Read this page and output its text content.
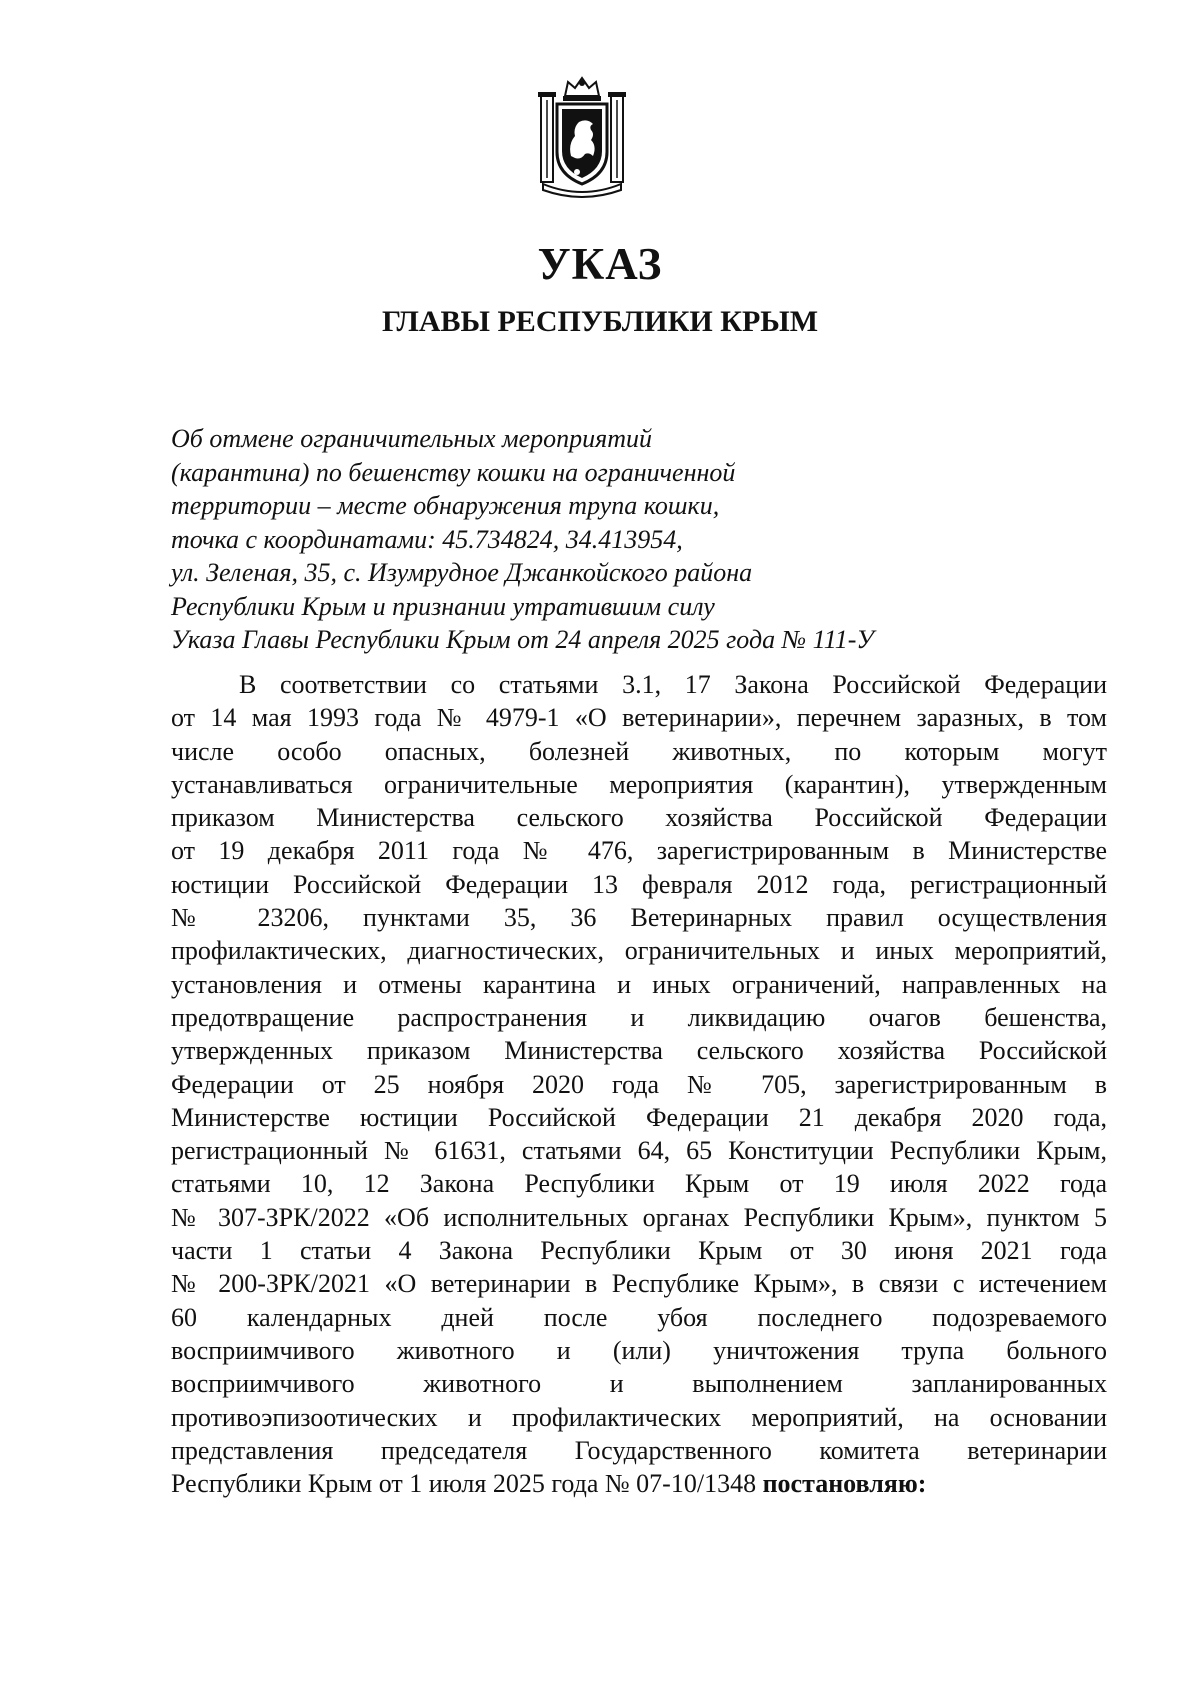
УКАЗ
ГЛАВЫ РЕСПУБЛИКИ КРЫМ
Об отмене ограничительных мероприятий
(карантина) по бешенству кошки на ограниченной
территории – месте обнаружения трупа кошки,
точка с координатами: 45.734824, 34.413954,
ул. Зеленая, 35, с. Изумрудное Джанкойского района
Республики Крым и признании утратившим силу
Указа Главы Республики Крым от 24 апреля 2025 года № 111-У
В соответствии со статьями 3.1, 17 Закона Российской Федерации
от 14 мая 1993 года № 4979-1 «О ветеринарии», перечнем заразных, в том
числе особо опасных, болезней животных, по которым могут
устанавливаться ограничительные мероприятия (карантин), утвержденным
приказом Министерства сельского хозяйства Российской Федерации
от 19 декабря 2011 года № 476, зарегистрированным в Министерстве
юстиции Российской Федерации 13 февраля 2012 года, регистрационный
№ 23206, пунктами 35, 36 Ветеринарных правил осуществления
профилактических, диагностических, ограничительных и иных мероприятий,
установления и отмены карантина и иных ограничений, направленных на
предотвращение распространения и ликвидацию очагов бешенства,
утвержденных приказом Министерства сельского хозяйства Российской
Федерации от 25 ноября 2020 года № 705, зарегистрированным в
Министерстве юстиции Российской Федерации 21 декабря 2020 года,
регистрационный № 61631, статьями 64, 65 Конституции Республики Крым,
статьями 10, 12 Закона Республики Крым от 19 июля 2022 года
№ 307-ЗРК/2022 «Об исполнительных органах Республики Крым», пунктом 5
части 1 статьи 4 Закона Республики Крым от 30 июня 2021 года
№ 200-ЗРК/2021 «О ветеринарии в Республике Крым», в связи с истечением
60 календарных дней после убоя последнего подозреваемого
восприимчивого животного и (или) уничтожения трупа больного
восприимчивого животного и выполнением запланированных
противоэпизоотических и профилактических мероприятий, на основании
представления председателя Государственного комитета ветеринарии
Республики Крым от 1 июля 2025 года № 07-10/1348 постановляю:
